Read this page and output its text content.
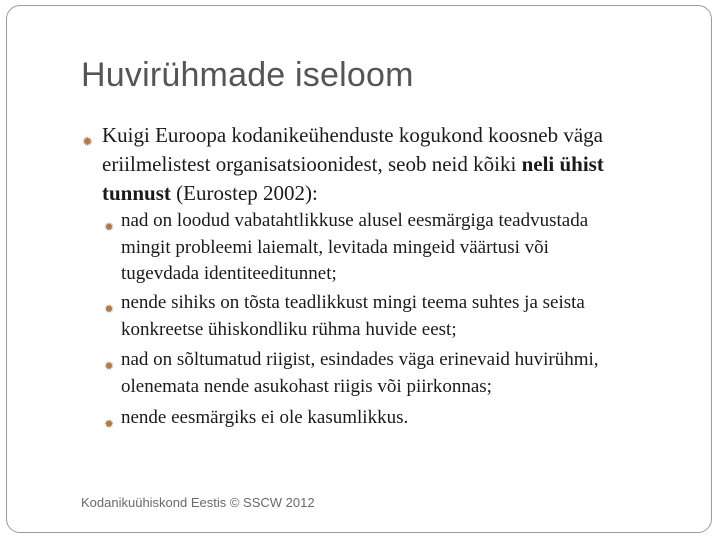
Huvirühmade iseloom
✹ Kuigi Euroopa kodanikeühenduste kogukond koosneb väga
eriilmelistest organisatsioonidest, seob neid kõiki neli ühist
tunnust (Eurostep 2002):
✹ nad on loodud vabatahtlikkuse alusel eesmärgiga teadvustada
mingit probleemi laiemalt, levitada mingeid väärtusi või
tugevdada identiteeditunnet;
✹ nende sihiks on tõsta teadlikkust mingi teema suhtes ja seista
konkreetse ühiskondliku rühma huvide eest;
✹ nad on sõltumatud riigist, esindades väga erinevaid huvirühmi,
olenemata nende asukohast riigis või piirkonnas;
✹ nende eesmärgiks ei ole kasumlikkus.
Kodanikuühiskond Eestis © SSCW 2012
